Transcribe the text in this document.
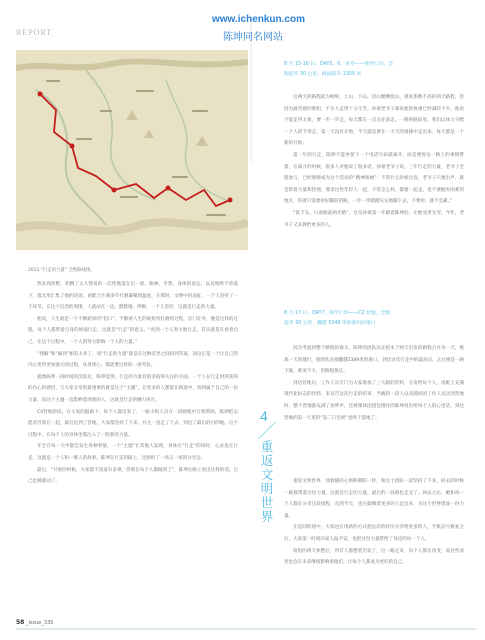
REPORT
www.ichenkun.com
陈坤同名网站
2013 “行走的力量” 全程路线图。
8 月 15-16 日，DAY5、6，卓寿——扬学仁玛，全
程徒步 30 公里，海拔提升 1300 米

这两天的路程较为崎岖，上山、下山、切山腰侧绕山，难度系数不高的两天路程，但因为疲劳感的堆积，不少人走得十分辛苦。孙蒙老爷子却说他的体重已经减轻不少，他说不能走得太快，要一步一步走，每天都在一点点往前走。一路的路段里，我们以体力分配一个人的节奏走，第一天没有开始，今天就是要在一天天的推移中走出来，每天都是一个新的开始。

第一年的行走，陈坤不能单留下一个电话号码就离开，而是要将这一路上的事情带着，在离开的时候，很多人对他说了很多话，孙蒙老爷子说，三年行走的力量，老爷子全程参与，已经逐渐成为这个活动的“精神领袖”：不管什么时候出发，老爷子只要出声，就会带着力量和热情，要求这些年轻人一起，不管怎么样，都要一起走。也不要抛弃困难的地方，你就只需要看好脚前的路，一步一步踏踏实实地脚下去，不要停，就不会累。”

“低下头，只看眼前两步路”，这是孙蒙第一年跟着陈坤的，让他受用无穷，今年，老爷子又来教给更多的人。

8 月 17 日，DAY7，扬学仁玛——C2 营地，全程
徒步 30 公里，翻越 5349 米的新玛拉垭口

因为考虑到整个路程的艰辛，陈坤的团队决定把本于两天出发的路程合并为一天，挑战一天的越行，使团队直接翻越5349米的垭口，到达这次行走中的最高点，之后便是一路下坡，难度不大，但路程很长。

到达营地后，工作人员专门为大家准备了三大箱的饮料，分发给每个人，再配上充满现代化标志的饮料，来宣告这次行走的结束，当晚的一段人以及随同的工作人员达到营地时，整个营地都充满了欢呼声，还被媒体团团包围住的陈坤说出给每个人的心里话，到达营地的第一天里的“第二只包袱”也终于落地了。

然来到西野，积攒了太久想说的一次性地落在出一股，眼神，手势，身体的姿态，以及始终不曾落下，都无形汇集了他的话语，再配合片刻多年打磨凝聚的温度，在那时，文明中的表征，一个人坚持了一个环节，在这个信念的周围，人就站在一边，默默地，呼吸，一个人坚持，这就是行走的力量。

他说，人生就是一个不断轮回的“招口”，不断被人生的烦扰所打磨的过程，出门在外，便是这样的过程。每个人都带着自身的烦恼行走，这就是“行走”的意义。“看到一个人努力地行走，其实就是在看着自己，在这个过程中，一个人的努力影响一个人的力量。”

“理解”和“做到”相差太多了，而“行走的力量”就是在这种差异之间找到答案，而这正是一个让自己的内心变得更加强大的过程，从身到心，都需要这样的一场考验。

就像陈坤一段时间的沉思后，陈坤觉得，行走的力量有很多值得关注的方面，一个人在行走时所获得的内心的感悟，与大家分享的最重要的就是这个“主题”，让更多的人都能在路途中，找到属于自己的一份力量，而这个主题一直影响着周围的人，这就是行走的魅力所在。

C4营地阶段，在大家的鼓励下，每个人都出发了，一路小组人员在一段路程中互相帮助，陈坤把志愿者召集在一起，最后达到了营地，大家都坚持了下来，并且一直走了下去，到达了最后的目的地。这个过程中，在每个人的身体里都注入了一股新的力量。

年全在每一天中都会发生各种事情，一个“主题”让其他人发现，身体在“行走”的同时，心灵也在行走，这就是一个人和一群人的故事。陈坤在行走的路上，还组织了一场又一场的分享会。

最后，“开始的时候，大家都不知道有多难，但现在每个人都做到了”，陈坤在路上说出这样的话，自己也被感动了。

4
重返文明世界

重返文明世界，徐蓉晓的心情和朝阳一样，和这个团队一起坚持了下来，回去的时候一路都带着这份力量，这就是行走的力量，最后的一段路也走完了。回去之后，她和每一个人都在分享这段旅程，直到今天，也在鼓舞着更多的人走出来，为这个世界增添一份力量。

在返回的途中，大家也在用新的方式把这次的经历分享给更多的人，手机信号恢复之后，大家第一时间向家人报平安，也把这份力量带给了身边的每一个人。

短短的两天休整后，所有人都整装出发了，这一路走来，每个人都在改变，而这些改变也会在未来继续影响着他们，让每个人都成为更好的自己。

58 _Issue_335
